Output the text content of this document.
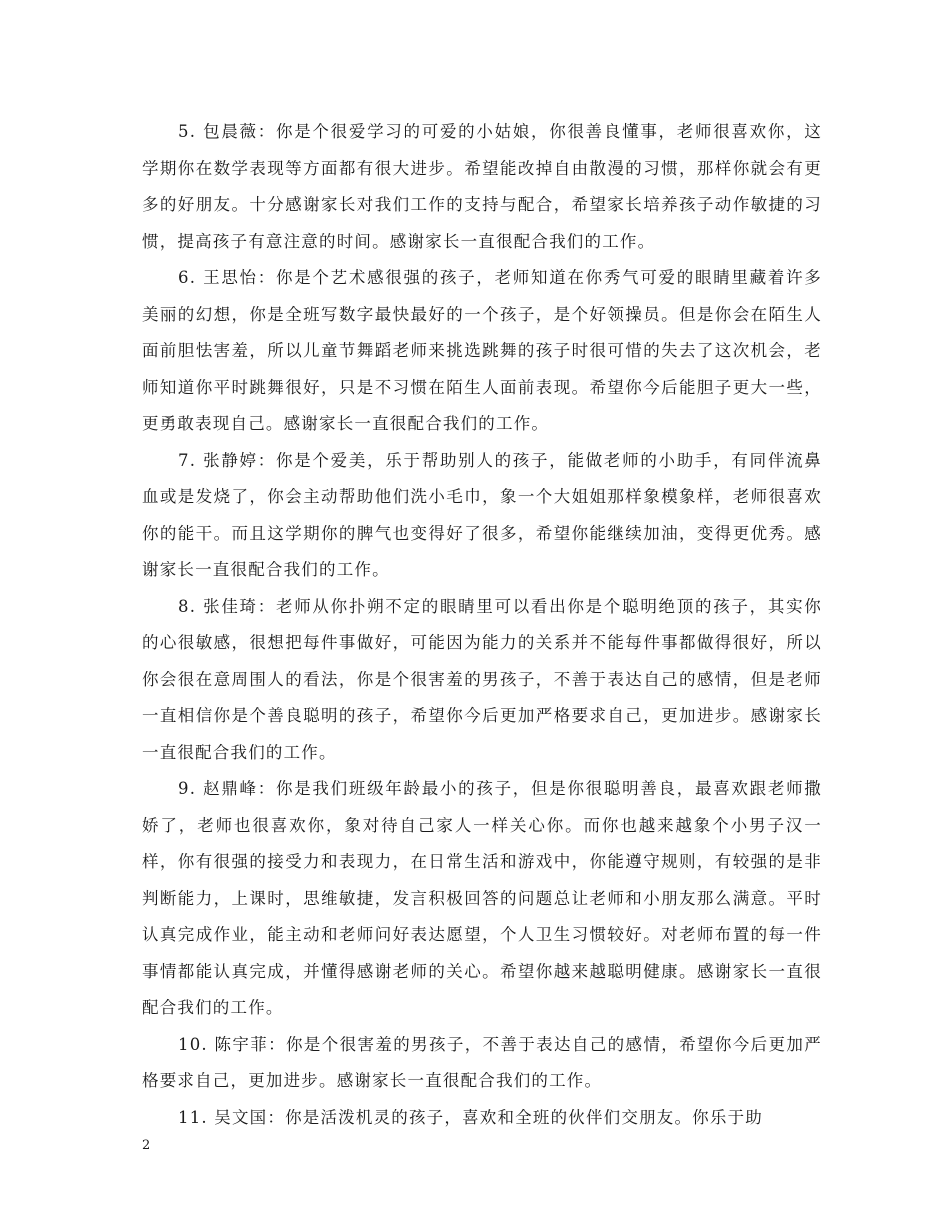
5. 包晨薇：你是个很爱学习的可爱的小姑娘，你很善良懂事，老师很喜欢你，这学期你在数学表现等方面都有很大进步。希望能改掉自由散漫的习惯，那样你就会有更多的好朋友。十分感谢家长对我们工作的支持与配合，希望家长培养孩子动作敏捷的习惯，提高孩子有意注意的时间。感谢家长一直很配合我们的工作。

6. 王思怡：你是个艺术感很强的孩子，老师知道在你秀气可爱的眼睛里藏着许多美丽的幻想，你是全班写数字最快最好的一个孩子，是个好领操员。但是你会在陌生人面前胆怯害羞，所以儿童节舞蹈老师来挑选跳舞的孩子时很可惜的失去了这次机会，老师知道你平时跳舞很好，只是不习惯在陌生人面前表现。希望你今后能胆子更大一些，更勇敢表现自己。感谢家长一直很配合我们的工作。

7. 张静婷：你是个爱美，乐于帮助别人的孩子，能做老师的小助手，有同伴流鼻血或是发烧了，你会主动帮助他们洗小毛巾，象一个大姐姐那样象模象样，老师很喜欢你的能干。而且这学期你的脾气也变得好了很多，希望你能继续加油，变得更优秀。感谢家长一直很配合我们的工作。

8. 张佳琦：老师从你扑朔不定的眼睛里可以看出你是个聪明绝顶的孩子，其实你的心很敏感，很想把每件事做好，可能因为能力的关系并不能每件事都做得很好，所以你会很在意周围人的看法，你是个很害羞的男孩子，不善于表达自己的感情，但是老师一直相信你是个善良聪明的孩子，希望你今后更加严格要求自己，更加进步。感谢家长一直很配合我们的工作。

9. 赵鼎峰：你是我们班级年龄最小的孩子，但是你很聪明善良，最喜欢跟老师撒娇了，老师也很喜欢你，象对待自己家人一样关心你。而你也越来越象个小男子汉一样，你有很强的接受力和表现力，在日常生活和游戏中，你能遵守规则，有较强的是非判断能力，上课时，思维敏捷，发言积极回答的问题总让老师和小朋友那么满意。平时认真完成作业，能主动和老师问好表达愿望，个人卫生习惯较好。对老师布置的每一件事情都能认真完成，并懂得感谢老师的关心。希望你越来越聪明健康。感谢家长一直很配合我们的工作。

10. 陈宇菲：你是个很害羞的男孩子，不善于表达自己的感情，希望你今后更加严格要求自己，更加进步。感谢家长一直很配合我们的工作。

11. 吴文国：你是活泼机灵的孩子，喜欢和全班的伙伴们交朋友。你乐于助

2
